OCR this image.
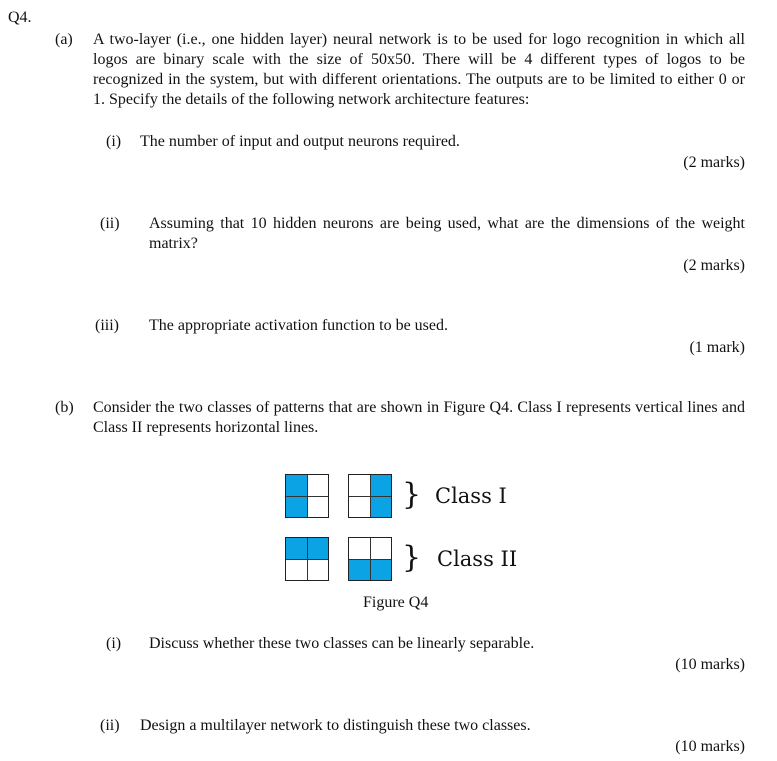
Q4.
(a) A two-layer (i.e., one hidden layer) neural network is to be used for logo recognition in which all logos are binary scale with the size of 50x50. There will be 4 different types of logos to be recognized in the system, but with different orientations. The outputs are to be limited to either 0 or 1. Specify the details of the following network architecture features:
(i) The number of input and output neurons required.
(2 marks)
(ii) Assuming that 10 hidden neurons are being used, what are the dimensions of the weight matrix?
(2 marks)
(iii) The appropriate activation function to be used.
(1 mark)
(b) Consider the two classes of patterns that are shown in Figure Q4. Class I represents vertical lines and Class II represents horizontal lines.
} Class I
} Class II
Figure Q4
(i) Discuss whether these two classes can be linearly separable.
(10 marks)
(ii) Design a multilayer network to distinguish these two classes.
(10 marks)
